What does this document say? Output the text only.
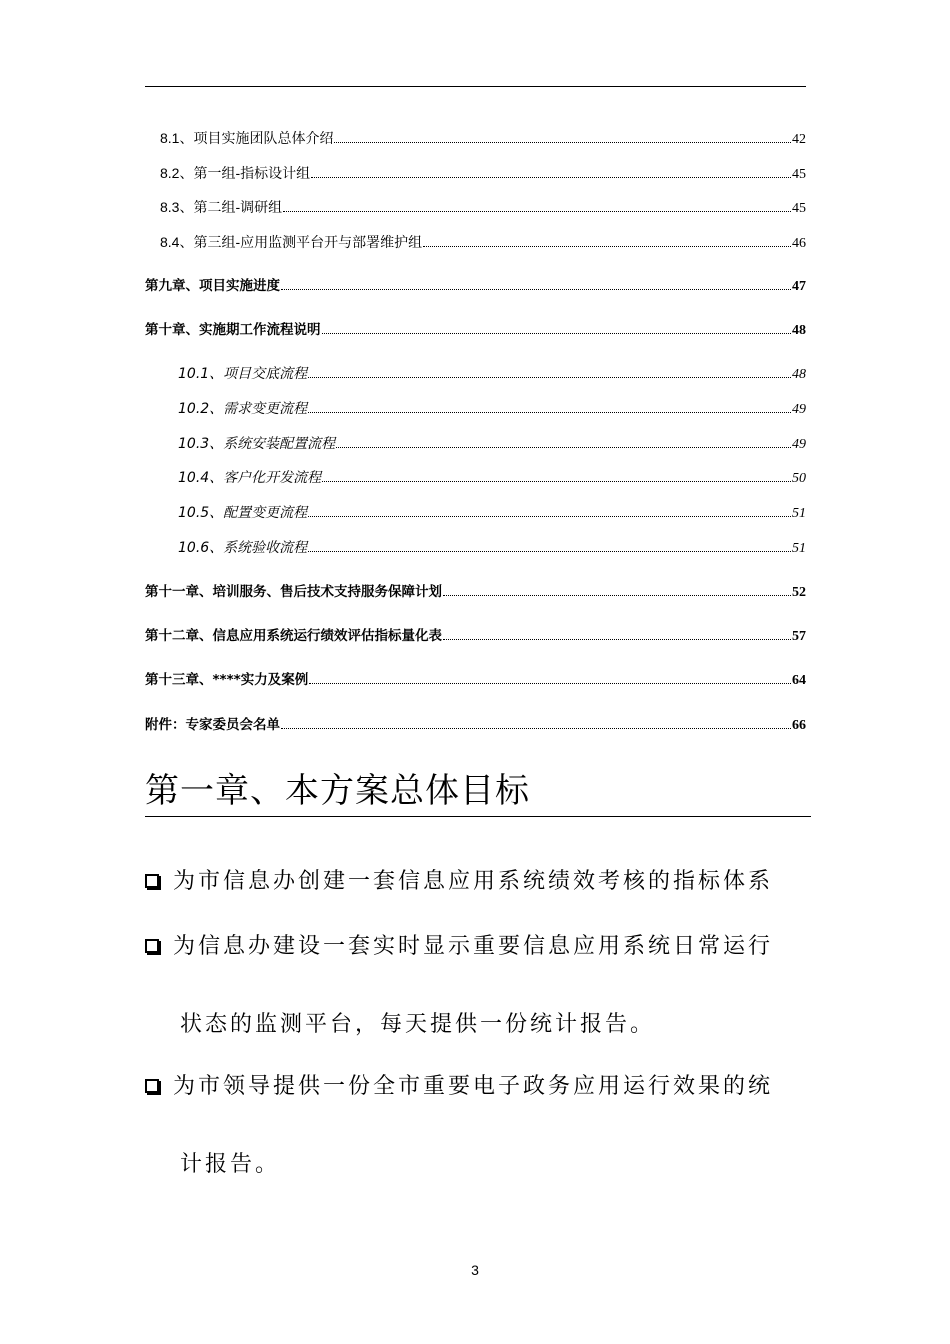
8.1、项目实施团队总体介绍	42
8.2、第一组-指标设计组	45
8.3、第二组-调研组	45
8.4、第三组-应用监测平台开与部署维护组	46
第九章、项目实施进度	47
第十章、实施期工作流程说明	48
10.1、项目交底流程	48
10.2、需求变更流程	49
10.3、系统安装配置流程	49
10.4、客户化开发流程	50
10.5、配置变更流程	51
10.6、系统验收流程	51
第十一章、培训服务、售后技术支持服务保障计划	52
第十二章、信息应用系统运行绩效评估指标量化表	57
第十三章、****实力及案例	64
附件：专家委员会名单	66
第一章、本方案总体目标
为市信息办创建一套信息应用系统绩效考核的指标体系
为信息办建设一套实时显示重要信息应用系统日常运行
状态的监测平台，每天提供一份统计报告。
为市领导提供一份全市重要电子政务应用运行效果的统
计报告。
3
